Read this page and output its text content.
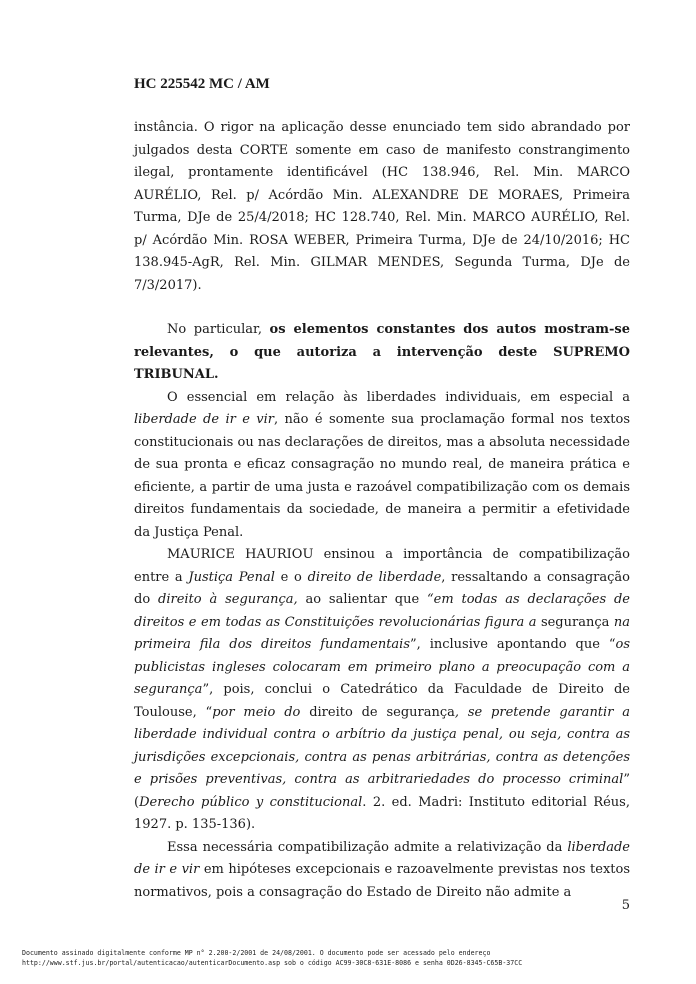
HC 225542 MC / AM

instância. O rigor na aplicação desse enunciado tem sido abrandado por julgados desta CORTE somente em caso de manifesto constrangimento ilegal, prontamente identificável (HC 138.946, Rel. Min. MARCO AURÉLIO, Rel. p/ Acórdão Min. ALEXANDRE DE MORAES, Primeira Turma, DJe de 25/4/2018; HC 128.740, Rel. Min. MARCO AURÉLIO, Rel. p/ Acórdão Min. ROSA WEBER, Primeira Turma, DJe de 24/10/2016; HC 138.945-AgR, Rel. Min. GILMAR MENDES, Segunda Turma, DJe de 7/3/2017).

No particular, os elementos constantes dos autos mostram-se relevantes, o que autoriza a intervenção deste SUPREMO TRIBUNAL.

O essencial em relação às liberdades individuais, em especial a liberdade de ir e vir, não é somente sua proclamação formal nos textos constitucionais ou nas declarações de direitos, mas a absoluta necessidade de sua pronta e eficaz consagração no mundo real, de maneira prática e eficiente, a partir de uma justa e razoável compatibilização com os demais direitos fundamentais da sociedade, de maneira a permitir a efetividade da Justiça Penal.

MAURICE HAURIOU ensinou a importância de compatibilização entre a Justiça Penal e o direito de liberdade, ressaltando a consagração do direito à segurança, ao salientar que “em todas as declarações de direitos e em todas as Constituições revolucionárias figura a segurança na primeira fila dos direitos fundamentais”, inclusive apontando que “os publicistas ingleses colocaram em primeiro plano a preocupação com a segurança”, pois, conclui o Catedrático da Faculdade de Direito de Toulouse, “por meio do direito de segurança, se pretende garantir a liberdade individual contra o arbítrio da justiça penal, ou seja, contra as jurisdições excepcionais, contra as penas arbitrárias, contra as detenções e prisões preventivas, contra as arbitrariedades do processo criminal” (Derecho público y constitucional. 2. ed. Madri: Instituto editorial Réus, 1927. p. 135-136).

Essa necessária compatibilização admite a relativização da liberdade de ir e vir em hipóteses excepcionais e razoavelmente previstas nos textos normativos, pois a consagração do Estado de Direito não admite a

5
Documento assinado digitalmente conforme MP n° 2.200-2/2001 de 24/08/2001. O documento pode ser acessado pelo endereço
http://www.stf.jus.br/portal/autenticacao/autenticarDocumento.asp sob o código AC99-30C8-631E-8086 e senha 0D26-8345-C65B-37CC
